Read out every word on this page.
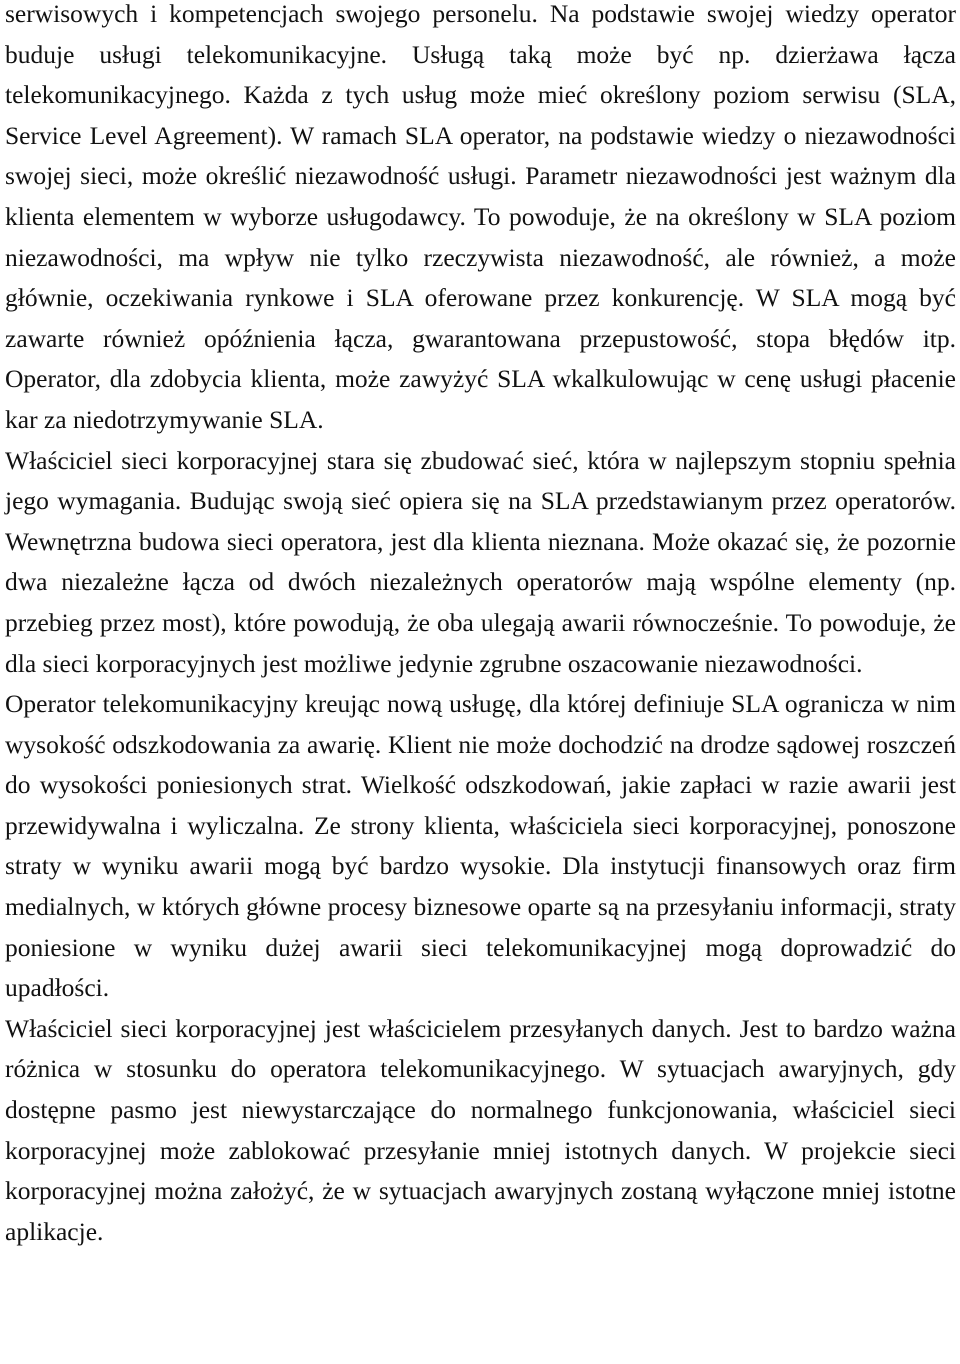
serwisowych i kompetencjach swojego personelu. Na podstawie swojej wiedzy operator buduje usługi telekomunikacyjne. Usługą taką może być np. dzierżawa łącza telekomunikacyjnego. Każda z tych usług może mieć określony poziom serwisu (SLA, Service Level Agreement). W ramach SLA operator, na podstawie wiedzy o niezawodności swojej sieci, może określić niezawodność usługi. Parametr niezawodności jest ważnym dla klienta elementem w wyborze usługodawcy. To powoduje, że na określony w SLA poziom niezawodności, ma wpływ nie tylko rzeczywista niezawodność, ale również, a może głównie, oczekiwania rynkowe i SLA oferowane przez konkurencję. W SLA mogą być zawarte również opóźnienia łącza, gwarantowana przepustowość, stopa błędów itp. Operator, dla zdobycia klienta, może zawyżyć SLA wkalkulowując w cenę usługi płacenie kar za niedotrzymywanie SLA.

Właściciel sieci korporacyjnej stara się zbudować sieć, która w najlepszym stopniu spełnia jego wymagania. Budując swoją sieć opiera się na SLA przedstawianym przez operatorów. Wewnętrzna budowa sieci operatora, jest dla klienta nieznana. Może okazać się, że pozornie dwa niezależne łącza od dwóch niezależnych operatorów mają wspólne elementy (np. przebieg przez most), które powodują, że oba ulegają awarii równocześnie. To powoduje, że dla sieci korporacyjnych jest możliwe jedynie zgrubne oszacowanie niezawodności.

Operator telekomunikacyjny kreując nową usługę, dla której definiuje SLA ogranicza w nim wysokość odszkodowania za awarię. Klient nie może dochodzić na drodze sądowej roszczeń do wysokości poniesionych strat. Wielkość odszkodowań, jakie zapłaci w razie awarii jest przewidywalna i wyliczalna. Ze strony klienta, właściciela sieci korporacyjnej, ponoszone straty w wyniku awarii mogą być bardzo wysokie. Dla instytucji finansowych oraz firm medialnych, w których główne procesy biznesowe oparte są na przesyłaniu informacji, straty poniesione w wyniku dużej awarii sieci telekomunikacyjnej mogą doprowadzić do upadłości.

Właściciel sieci korporacyjnej jest właścicielem przesyłanych danych. Jest to bardzo ważna różnica w stosunku do operatora telekomunikacyjnego. W sytuacjach awaryjnych, gdy dostępne pasmo jest niewystarczające do normalnego funkcjonowania, właściciel sieci korporacyjnej może zablokować przesyłanie mniej istotnych danych. W projekcie sieci korporacyjnej można założyć, że w sytuacjach awaryjnych zostaną wyłączone mniej istotne aplikacje.
